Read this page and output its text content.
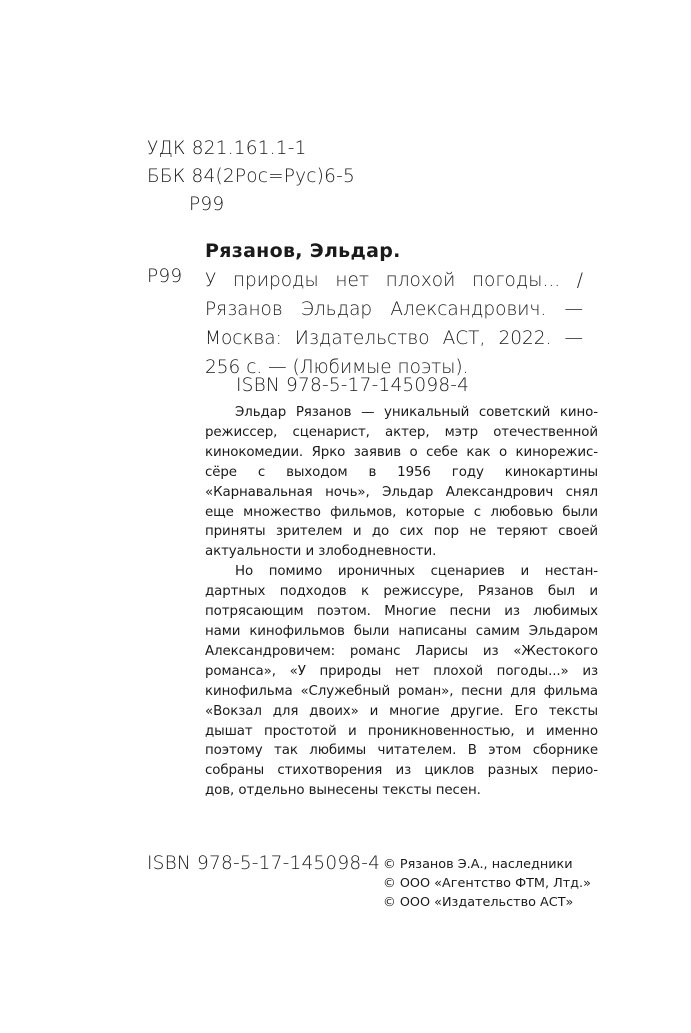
УДК 821.161.1-1
ББК 84(2Рос=Рус)6-5
Р99
Рязанов, Эльдар.
Р99 У природы нет плохой погоды... /
Рязанов Эльдар Александрович. —
Москва: Издательство АСТ, 2022. —
256 с. — (Любимые поэты).
ISBN 978-5-17-145098-4
Эльдар Рязанов — уникальный советский кино-
режиссер, сценарист, актер, мэтр отечественной
кинокомедии. Ярко заявив о себе как о кинорежис-
сёре с выходом в 1956 году кинокартины
«Карнавальная ночь», Эльдар Александрович снял
еще множество фильмов, которые с любовью были
приняты зрителем и до сих пор не теряют своей
актуальности и злободневности.
Но помимо ироничных сценариев и нестан-
дартных подходов к режиссуре, Рязанов был и
потрясающим поэтом. Многие песни из любимых
нами кинофильмов были написаны самим Эльдаром
Александровичем: романс Ларисы из «Жестокого
романса», «У природы нет плохой погоды...» из
кинофильма «Служебный роман», песни для фильма
«Вокзал для двоих» и многие другие. Его тексты
дышат простотой и проникновенностью, и именно
поэтому так любимы читателем. В этом сборнике
собраны стихотворения из циклов разных перио-
дов, отдельно вынесены тексты песен.
ISBN 978-5-17-145098-4 © Рязанов Э.А., наследники
© ООО «Агентство ФТМ, Лтд.»
© ООО «Издательство АСТ»
